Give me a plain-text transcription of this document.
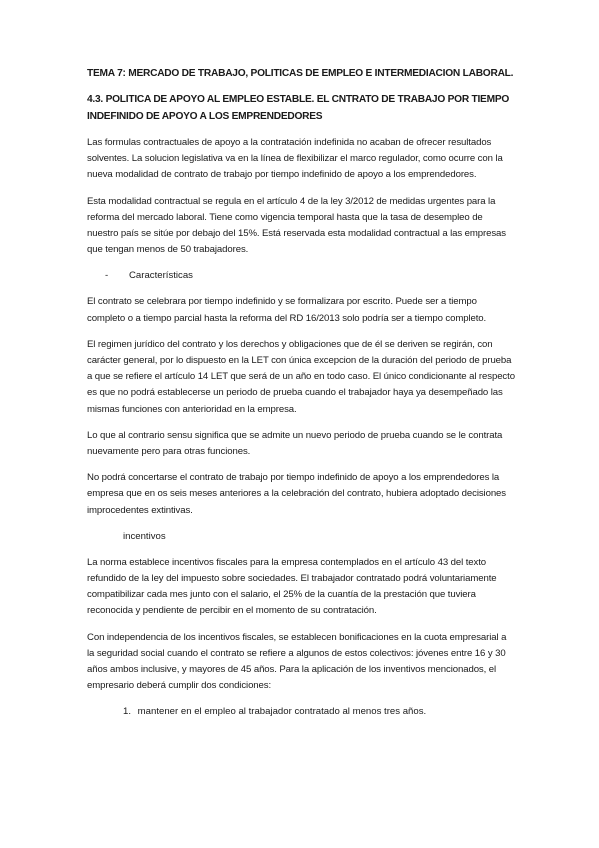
TEMA 7: MERCADO DE TRABAJO, POLITICAS DE EMPLEO E INTERMEDIACION LABORAL.
4.3. POLITICA DE APOYO AL EMPLEO ESTABLE. EL CNTRATO DE TRABAJO POR TIEMPO INDEFINIDO DE APOYO A LOS EMPRENDEDORES

Las formulas contractuales de apoyo a la contratación indefinida no acaban de ofrecer resultados solventes. La solucion legislativa va en la línea de flexibilizar el marco regulador, como ocurre con la nueva modalidad de contrato de trabajo por tiempo indefinido de apoyo a los emprendedores.

Esta modalidad contractual se regula en el artículo 4 de la ley 3/2012 de medidas urgentes para la reforma del mercado laboral. Tiene como vigencia temporal hasta que la tasa de desempleo de nuestro país se sitúe por debajo del 15%. Está reservada esta modalidad contractual a las empresas que tengan menos de 50 trabajadores.

- Características

El contrato se celebrara por tiempo indefinido y se formalizara por escrito. Puede ser a tiempo completo o a tiempo parcial hasta la reforma del RD 16/2013 solo podría ser a tiempo completo.

El regimen jurídico del contrato y los derechos y obligaciones que de él se deriven se regirán, con carácter general, por lo dispuesto en la LET con única excepcion de la duración del periodo de prueba a que se refiere el artículo 14 LET que será de un año en todo caso. El único condicionante al respecto es que no podrá establecerse un periodo de prueba cuando el trabajador haya ya desempeñado las mismas funciones con anterioridad en la empresa.

Lo que al contrario sensu significa que se admite un nuevo periodo de prueba cuando se le contrata nuevamente pero para otras funciones.

No podrá concertarse el contrato de trabajo por tiempo indefinido de apoyo a los emprendedores la empresa que en os seis meses anteriores a la celebración del contrato, hubiera adoptado decisiones improcedentes extintivas.

incentivos

La norma establece incentivos fiscales para la empresa contemplados en el artículo 43 del texto refundido de la ley del impuesto sobre sociedades. El trabajador contratado podrá voluntariamente compatibilizar cada mes junto con el salario, el 25% de la cuantía de la prestación que tuviera reconocida y pendiente de percibir en el momento de su contratación.

Con independencia de los incentivos fiscales, se establecen bonificaciones en la cuota empresarial a la seguridad social cuando el contrato se refiere a algunos de estos colectivos: jóvenes entre 16 y 30 años ambos inclusive, y mayores de 45 años. Para la aplicación de los inventivos mencionados, el empresario deberá cumplir dos condiciones:

1. mantener en el empleo al trabajador contratado al menos tres años.
